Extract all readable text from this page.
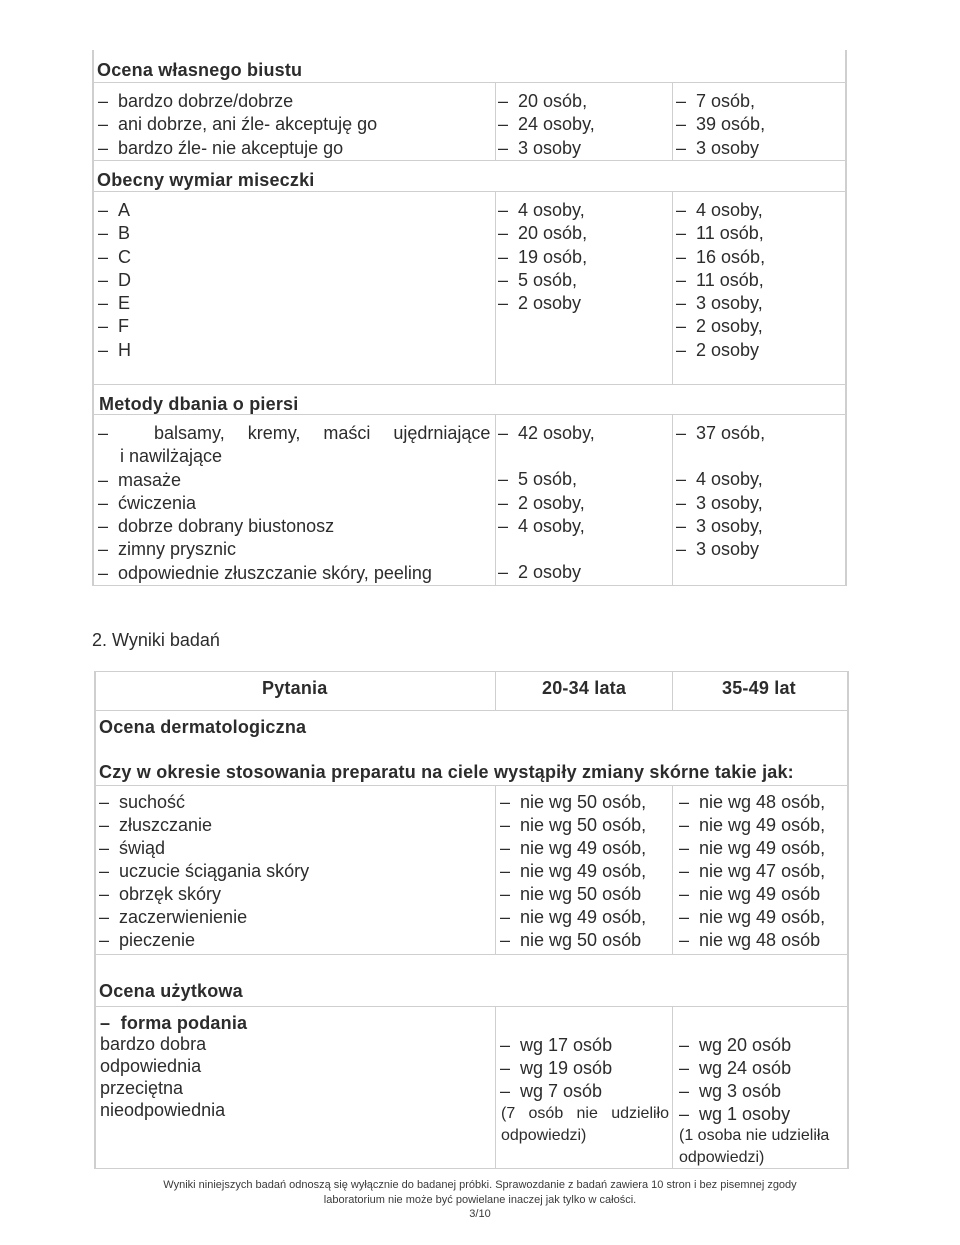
Ocena własnego biustu
–  bardzo dobrze/dobrze
–  ani dobrze, ani źle- akceptuję go
–  bardzo źle- nie akceptuje go
–  20 osób,
–  24 osoby,
–  3 osoby
–  7 osób,
–  39 osób,
–  3 osoby
Obecny wymiar miseczki
–  A
–  B
–  C
–  D
–  E
–  F
–  H
–  4 osoby,
–  20 osób,
–  19 osób,
–  5 osób,
–  2 osoby
–  4 osoby,
–  11 osób,
–  16 osób,
–  11 osób,
–  3 osoby,
–  2 osoby,
–  2 osoby
Metody dbania o piersi
–  balsamy, kremy, maści ujędrniające
i nawilżające
–  masaże
–  ćwiczenia
–  dobrze dobrany biustonosz
–  zimny prysznic
–  odpowiednie złuszczanie skóry, peeling
–  42 osoby,
–  5 osób,
–  2 osoby,
–  4 osoby,
–  2 osoby
–  37 osób,
–  4 osoby,
–  3 osoby,
–  3 osoby,
–  3 osoby
2. Wyniki badań
Pytania	20-34 lata	35-49 lat
Ocena dermatologiczna
Czy w okresie stosowania preparatu na ciele wystąpiły zmiany skórne takie jak:
–  suchość
–  złuszczanie
–  świąd
–  uczucie ściągania skóry
–  obrzęk skóry
–  zaczerwienienie
–  pieczenie
–  nie wg 50 osób,
–  nie wg 50 osób,
–  nie wg 49 osób,
–  nie wg 49 osób,
–  nie wg 50 osób
–  nie wg 49 osób,
–  nie wg 50 osób
–  nie wg 48 osób,
–  nie wg 49 osób,
–  nie wg 49 osób,
–  nie wg 47 osób,
–  nie wg 49 osób
–  nie wg 49 osób,
–  nie wg 48 osób
Ocena użytkowa
–  forma podania
bardzo dobra
odpowiednia
przeciętna
nieodpowiednia
–  wg 17 osób
–  wg 19 osób
–  wg 7 osób
(7 osób nie udzieliło odpowiedzi)
–  wg 20 osób
–  wg 24 osób
–  wg 3 osób
–  wg 1 osoby
(1 osoba nie udzieliła odpowiedzi)
Wyniki niniejszych badań odnoszą się wyłącznie do badanej próbki. Sprawozdanie z badań zawiera 10 stron i bez pisemnej zgody
laboratorium nie może być powielane inaczej jak tylko w całości.
3/10
